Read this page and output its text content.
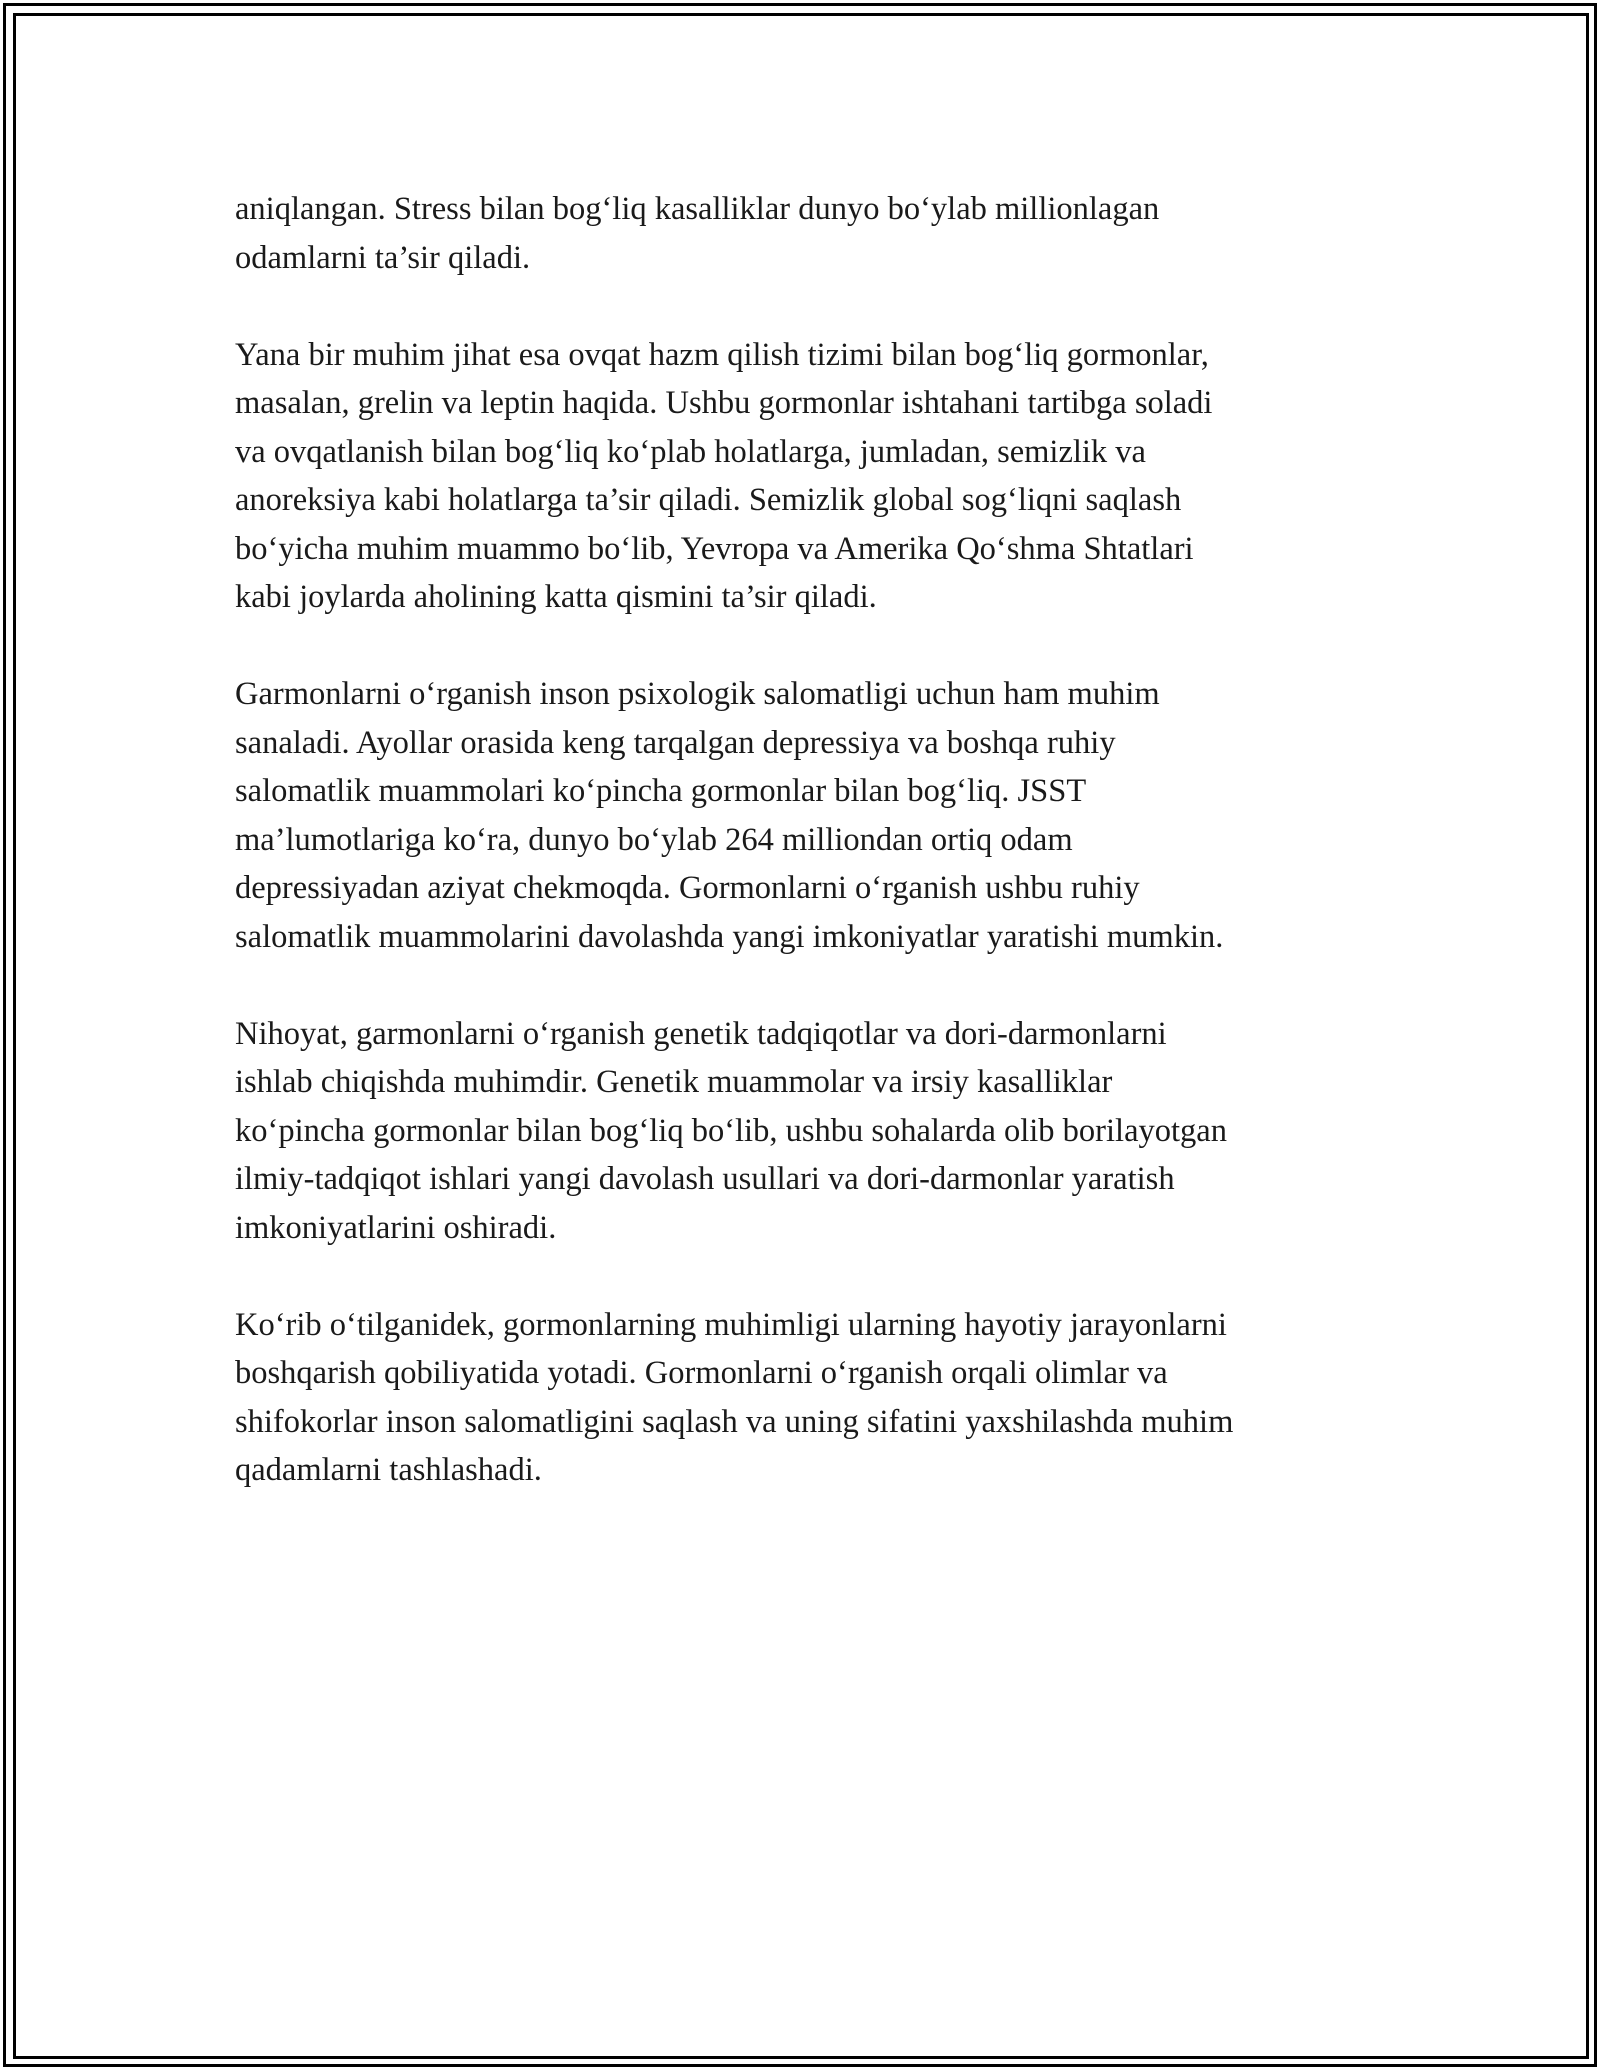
aniqlangan. Stress bilan bog‘liq kasalliklar dunyo bo‘ylab millionlagan
odamlarni ta’sir qiladi.

Yana bir muhim jihat esa ovqat hazm qilish tizimi bilan bog‘liq gormonlar,
masalan, grelin va leptin haqida. Ushbu gormonlar ishtahani tartibga soladi
va ovqatlanish bilan bog‘liq ko‘plab holatlarga, jumladan, semizlik va
anoreksiya kabi holatlarga ta’sir qiladi. Semizlik global sog‘liqni saqlash
bo‘yicha muhim muammo bo‘lib, Yevropa va Amerika Qo‘shma Shtatlari
kabi joylarda aholining katta qismini ta’sir qiladi.

Garmonlarni o‘rganish inson psixologik salomatligi uchun ham muhim
sanaladi. Ayollar orasida keng tarqalgan depressiya va boshqa ruhiy
salomatlik muammolari ko‘pincha gormonlar bilan bog‘liq. JSST
ma’lumotlariga ko‘ra, dunyo bo‘ylab 264 milliondan ortiq odam
depressiyadan aziyat chekmoqda. Gormonlarni o‘rganish ushbu ruhiy
salomatlik muammolarini davolashda yangi imkoniyatlar yaratishi mumkin.

Nihoyat, garmonlarni o‘rganish genetik tadqiqotlar va dori-darmonlarni
ishlab chiqishda muhimdir. Genetik muammolar va irsiy kasalliklar
ko‘pincha gormonlar bilan bog‘liq bo‘lib, ushbu sohalarda olib borilayotgan
ilmiy-tadqiqot ishlari yangi davolash usullari va dori-darmonlar yaratish
imkoniyatlarini oshiradi.

Ko‘rib o‘tilganidek, gormonlarning muhimligi ularning hayotiy jarayonlarni
boshqarish qobiliyatida yotadi. Gormonlarni o‘rganish orqali olimlar va
shifokorlar inson salomatligini saqlash va uning sifatini yaxshilashda muhim
qadamlarni tashlashadi.
